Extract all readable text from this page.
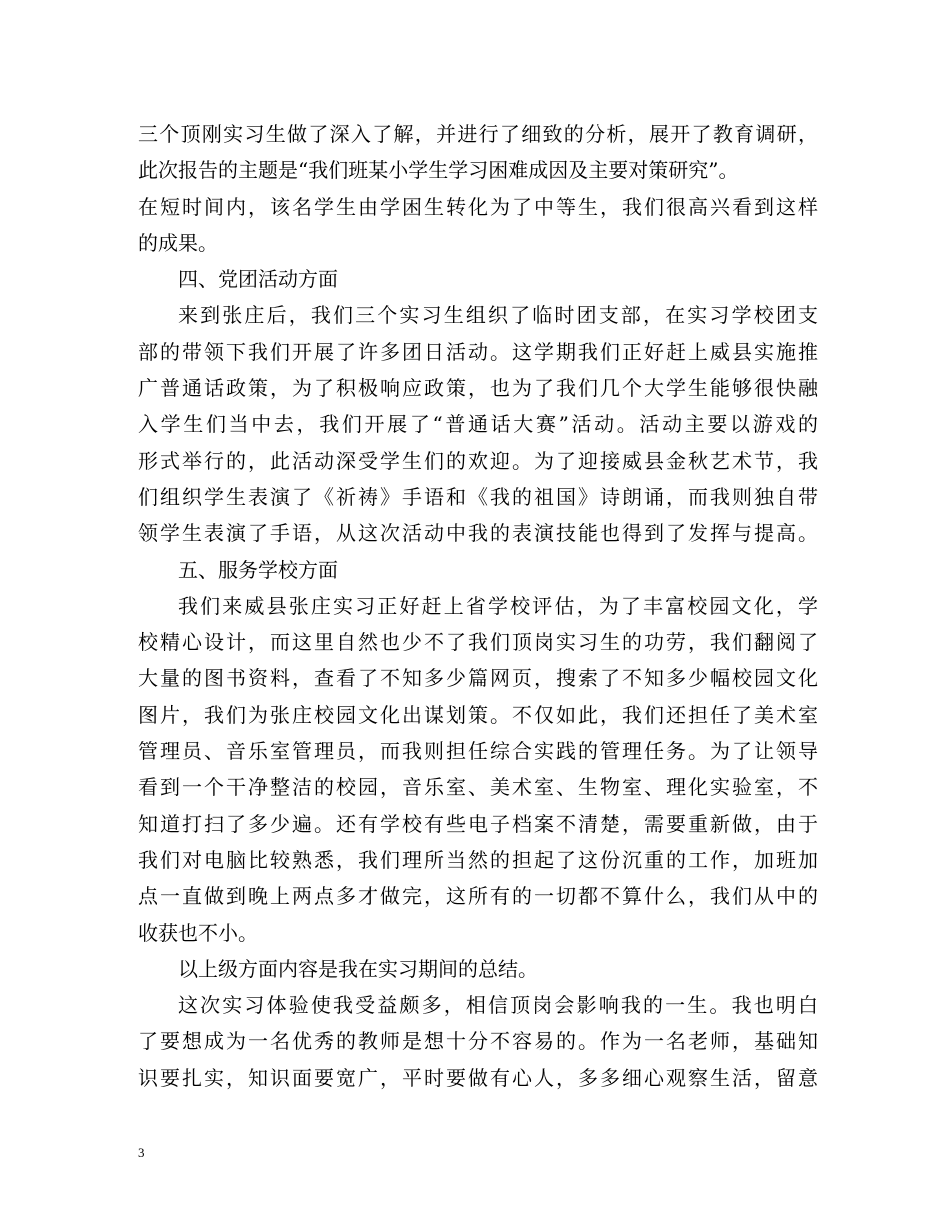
三个顶刚实习生做了深入了解，并进行了细致的分析，展开了教育调研，
此次报告的主题是“我们班某小学生学习困难成因及主要对策研究”。
在短时间内，该名学生由学困生转化为了中等生，我们很高兴看到这样
的成果。
四、党团活动方面
来到张庄后，我们三个实习生组织了临时团支部，在实习学校团支
部的带领下我们开展了许多团日活动。这学期我们正好赶上威县实施推
广普通话政策，为了积极响应政策，也为了我们几个大学生能够很快融
入学生们当中去，我们开展了“普通话大赛”活动。活动主要以游戏的
形式举行的，此活动深受学生们的欢迎。为了迎接威县金秋艺术节，我
们组织学生表演了《祈祷》手语和《我的祖国》诗朗诵，而我则独自带
领学生表演了手语，从这次活动中我的表演技能也得到了发挥与提高。
五、服务学校方面
我们来威县张庄实习正好赶上省学校评估，为了丰富校园文化，学
校精心设计，而这里自然也少不了我们顶岗实习生的功劳，我们翻阅了
大量的图书资料，查看了不知多少篇网页，搜索了不知多少幅校园文化
图片，我们为张庄校园文化出谋划策。不仅如此，我们还担任了美术室
管理员、音乐室管理员，而我则担任综合实践的管理任务。为了让领导
看到一个干净整洁的校园，音乐室、美术室、生物室、理化实验室，不
知道打扫了多少遍。还有学校有些电子档案不清楚，需要重新做，由于
我们对电脑比较熟悉，我们理所当然的担起了这份沉重的工作，加班加
点一直做到晚上两点多才做完，这所有的一切都不算什么，我们从中的
收获也不小。
以上级方面内容是我在实习期间的总结。
这次实习体验使我受益颇多，相信顶岗会影响我的一生。我也明白
了要想成为一名优秀的教师是想十分不容易的。作为一名老师，基础知
识要扎实，知识面要宽广，平时要做有心人，多多细心观察生活，留意
3
